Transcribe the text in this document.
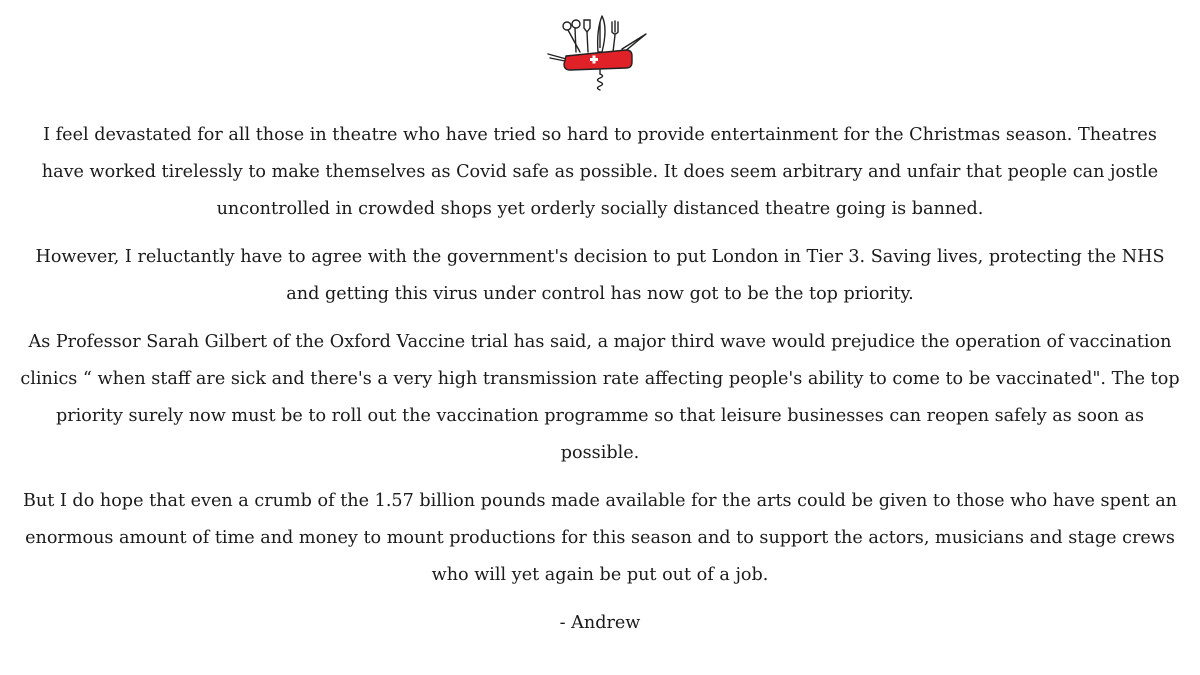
I feel devastated for all those in theatre who have tried so hard to provide entertainment for the Christmas season. Theatres have worked tirelessly to make themselves as Covid safe as possible. It does seem arbitrary and unfair that people can jostle uncontrolled in crowded shops yet orderly socially distanced theatre going is banned.

However, I reluctantly have to agree with the government's decision to put London in Tier 3. Saving lives, protecting the NHS and getting this virus under control has now got to be the top priority.

As Professor Sarah Gilbert of the Oxford Vaccine trial has said, a major third wave would prejudice the operation of vaccination clinics “ when staff are sick and there's a very high transmission rate affecting people's ability to come to be vaccinated". The top priority surely now must be to roll out the vaccination programme so that leisure businesses can reopen safely as soon as possible.

But I do hope that even a crumb of the 1.57 billion pounds made available for the arts could be given to those who have spent an enormous amount of time and money to mount productions for this season and to support the actors, musicians and stage crews who will yet again be put out of a job.

- Andrew
